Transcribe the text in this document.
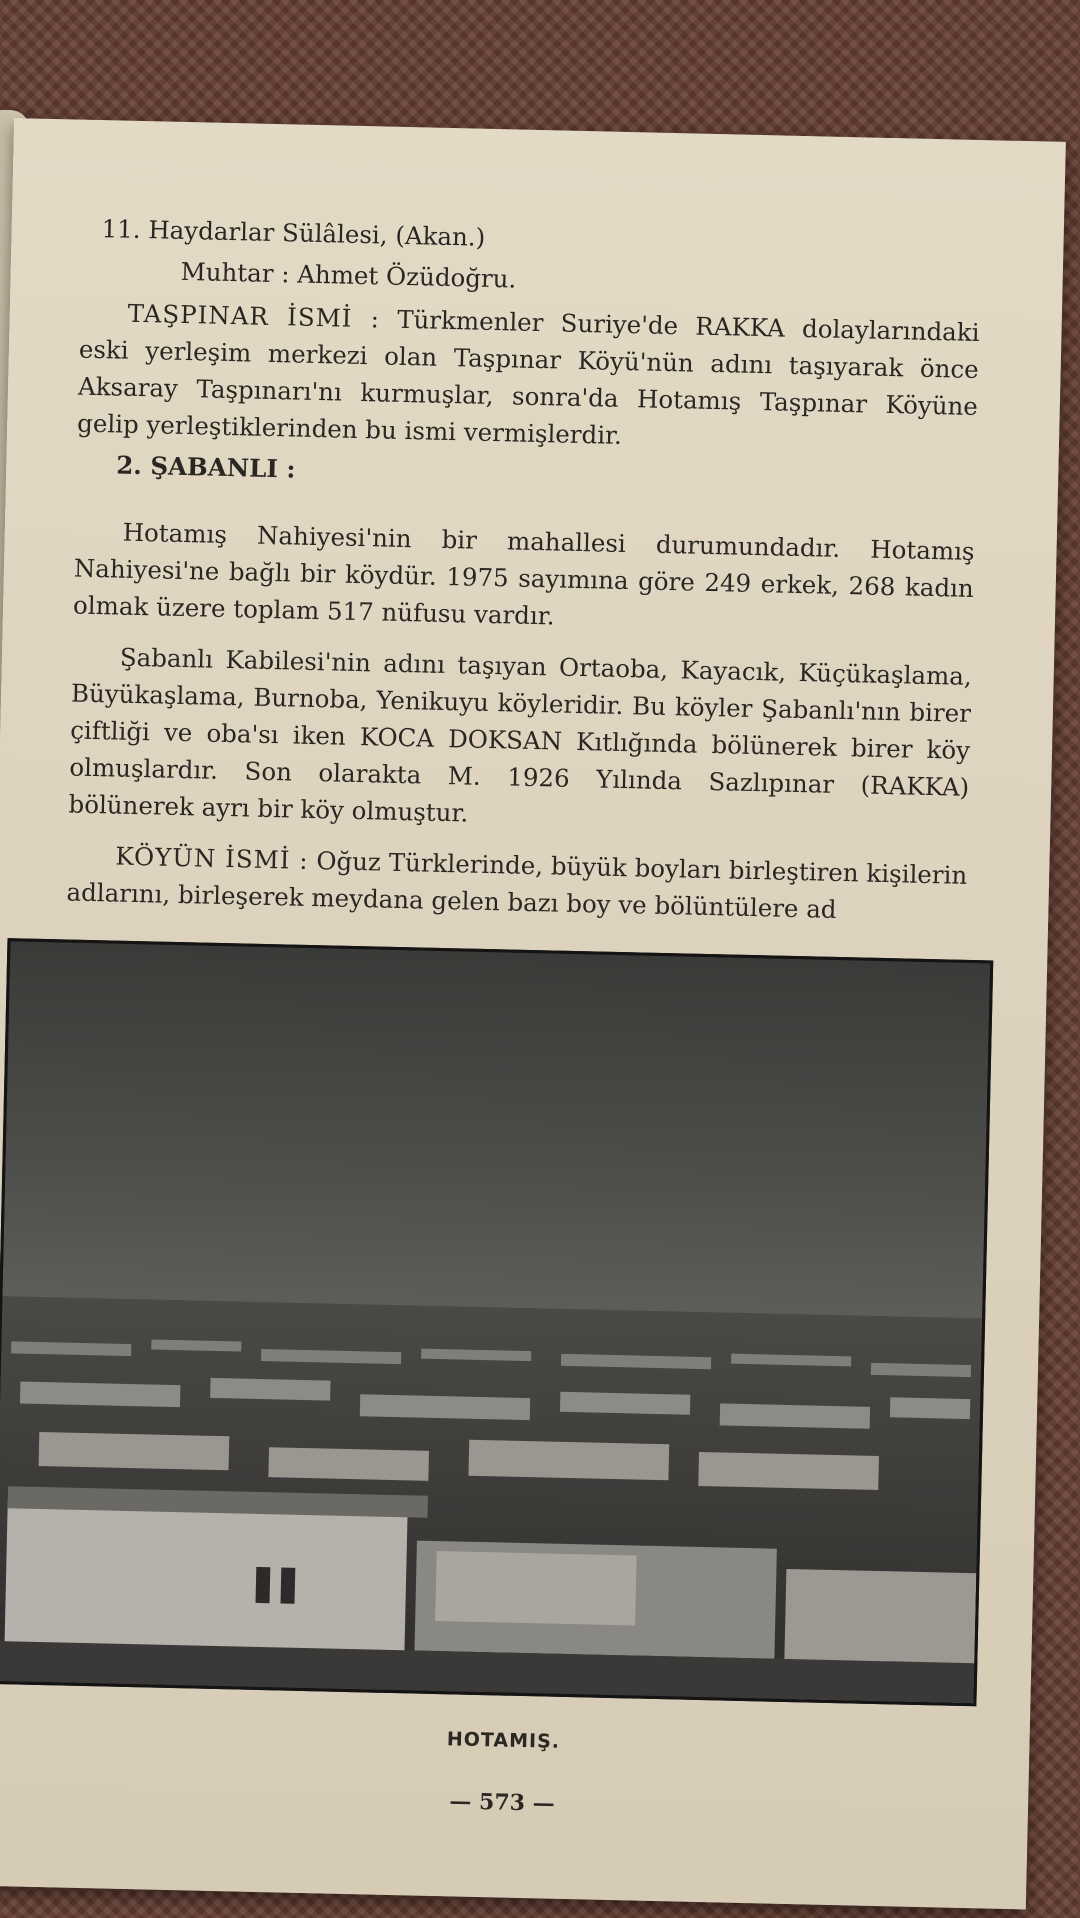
11. Haydarlar Sülâlesi, (Akan.)

Muhtar : Ahmet Özüdoğru.

TAŞPINAR İSMİ : Türkmenler Suriye'de RAKKA dolaylarındaki eski yerleşim merkezi olan Taşpınar Köyü'nün adını taşıyarak önce Aksaray Taşpınarı'nı kurmuşlar, sonra'da Hotamış Taşpınar Köyüne gelip yerleştiklerinden bu ismi vermişlerdir.

2. ŞABANLI :

Hotamış Nahiyesi'nin bir mahallesi durumundadır. Hotamış Nahiyesi'ne bağlı bir köydür. 1975 sayımına göre 249 erkek, 268 kadın olmak üzere toplam 517 nüfusu vardır.

Şabanlı Kabilesi'nin adını taşıyan Ortaoba, Kayacık, Küçükaşlama, Büyükaşlama, Burnoba, Yenikuyu köyleridir. Bu köyler Şabanlı'nın birer çiftliği ve oba'sı iken KOCA DOKSAN Kıtlığında bölünerek birer köy olmuşlardır. Son olarakta M. 1926 Yılında Sazlıpınar (RAKKA) bölünerek ayrı bir köy olmuştur.

KÖYÜN İSMİ : Oğuz Türklerinde, büyük boyları birleştiren kişilerin adlarını, birleşerek meydana gelen bazı boy ve bölüntülere ad

HOTAMIŞ.
— 573 —
